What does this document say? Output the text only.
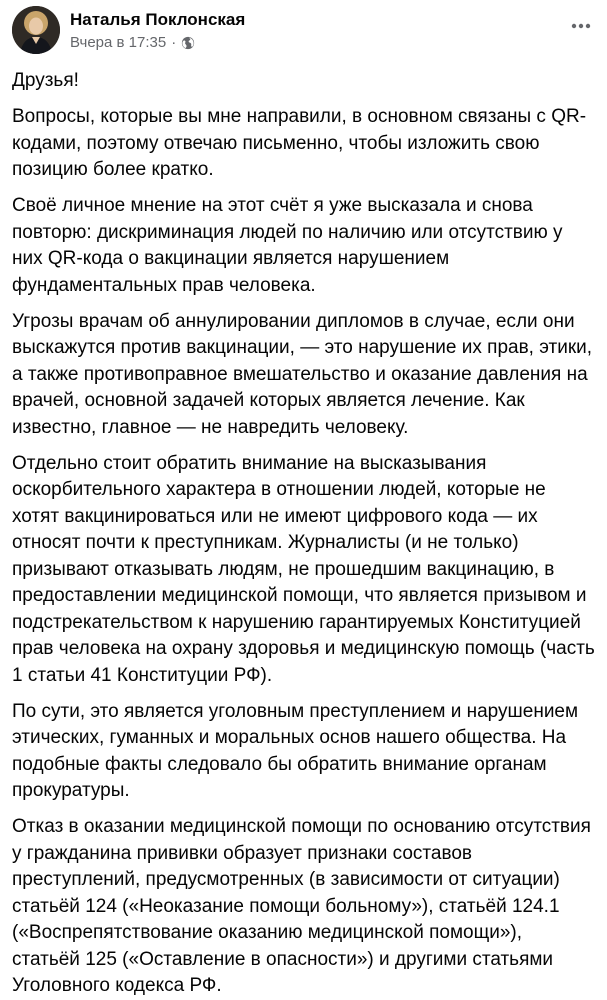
Наталья Поклонская
Вчера в 17:35 ·

Друзья!

Вопросы, которые вы мне направили, в основном связаны с QR-кодами, поэтому отвечаю письменно, чтобы изложить свою позицию более кратко.

Своё личное мнение на этот счёт я уже высказала и снова повторю: дискриминация людей по наличию или отсутствию у них QR-кода о вакцинации является нарушением фундаментальных прав человека.

Угрозы врачам об аннулировании дипломов в случае, если они выскажутся против вакцинации, — это нарушение их прав, этики, а также противоправное вмешательство и оказание давления на врачей, основной задачей которых является лечение. Как известно, главное — не навредить человеку.

Отдельно стоит обратить внимание на высказывания оскорбительного характера в отношении людей, которые не хотят вакцинироваться или не имеют цифрового кода — их относят почти к преступникам. Журналисты (и не только) призывают отказывать людям, не прошедшим вакцинацию, в предоставлении медицинской помощи, что является призывом и подстрекательством к нарушению гарантируемых Конституцией прав человека на охрану здоровья и медицинскую помощь (часть 1 статьи 41 Конституции РФ).

По сути, это является уголовным преступлением и нарушением этических, гуманных и моральных основ нашего общества. На подобные факты следовало бы обратить внимание органам прокуратуры.

Отказ в оказании медицинской помощи по основанию отсутствия у гражданина прививки образует признаки составов преступлений, предусмотренных (в зависимости от ситуации) статьёй 124 («Неоказание помощи больному»), статьёй 124.1 («Воспрепятствование оказанию медицинской помощи»), статьёй 125 («Оставление в опасности») и другими статьями Уголовного кодекса РФ.
